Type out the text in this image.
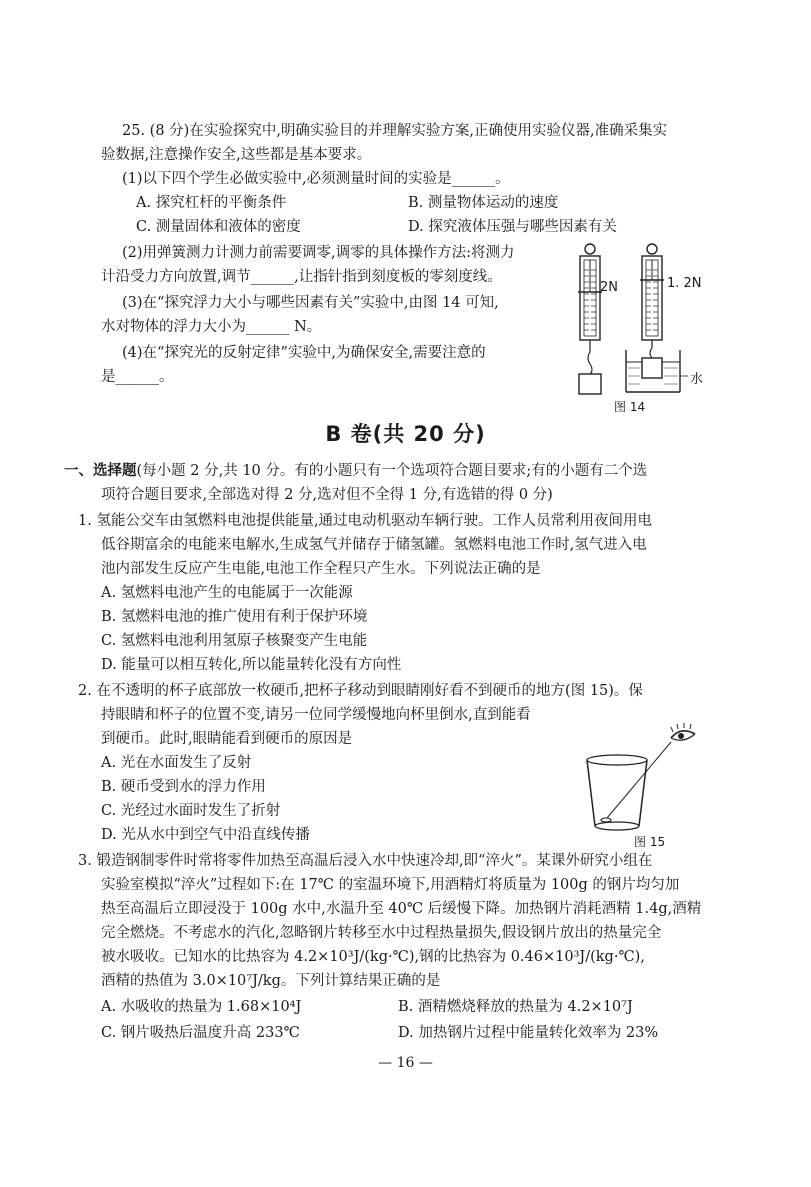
25. (8 分)在实验探究中,明确实验目的并理解实验方案,正确使用实验仪器,准确采集实
验数据,注意操作安全,这些都是基本要求。
(1)以下四个学生必做实验中,必须测量时间的实验是______。
A. 探究杠杆的平衡条件	B. 测量物体运动的速度
C. 测量固体和液体的密度	D. 探究液体压强与哪些因素有关
(2)用弹簧测力计测力前需要调零,调零的具体操作方法:将测力
计沿受力方向放置,调节______,让指针指到刻度板的零刻度线。
(3)在“探究浮力大小与哪些因素有关”实验中,由图 14 可知,
水对物体的浮力大小为______ N。
(4)在“探究光的反射定律”实验中,为确保安全,需要注意的
是______。
2N	1. 2N
水
图 14
B 卷(共 20 分)
一、选择题(每小题 2 分,共 10 分。有的小题只有一个选项符合题目要求;有的小题有二个选
项符合题目要求,全部选对得 2 分,选对但不全得 1 分,有选错的得 0 分)
1. 氢能公交车由氢燃料电池提供能量,通过电动机驱动车辆行驶。工作人员常利用夜间用电
低谷期富余的电能来电解水,生成氢气并储存于储氢罐。氢燃料电池工作时,氢气进入电
池内部发生反应产生电能,电池工作全程只产生水。下列说法正确的是
A. 氢燃料电池产生的电能属于一次能源
B. 氢燃料电池的推广使用有利于保护环境
C. 氢燃料电池利用氢原子核聚变产生电能
D. 能量可以相互转化,所以能量转化没有方向性
2. 在不透明的杯子底部放一枚硬币,把杯子移动到眼睛刚好看不到硬币的地方(图 15)。保
持眼睛和杯子的位置不变,请另一位同学缓慢地向杯里倒水,直到能看
到硬币。此时,眼睛能看到硬币的原因是
A. 光在水面发生了反射
B. 硬币受到水的浮力作用
C. 光经过水面时发生了折射
D. 光从水中到空气中沿直线传播	图 15
3. 锻造钢制零件时常将零件加热至高温后浸入水中快速冷却,即“淬火”。某课外研究小组在
实验室模拟“淬火”过程如下:在 17℃ 的室温环境下,用酒精灯将质量为 100g 的钢片均匀加
热至高温后立即浸没于 100g 水中,水温升至 40℃ 后缓慢下降。加热钢片消耗酒精 1.4g,酒精
完全燃烧。不考虑水的汽化,忽略钢片转移至水中过程热量损失,假设钢片放出的热量完全
被水吸收。已知水的比热容为 4.2×10³J/(kg·℃),钢的比热容为 0.46×10³J/(kg·℃),
酒精的热值为 3.0×10⁷J/kg。下列计算结果正确的是
A. 水吸收的热量为 1.68×10⁴J	B. 酒精燃烧释放的热量为 4.2×10⁷J
C. 钢片吸热后温度升高 233℃	D. 加热钢片过程中能量转化效率为 23%
— 16 —
